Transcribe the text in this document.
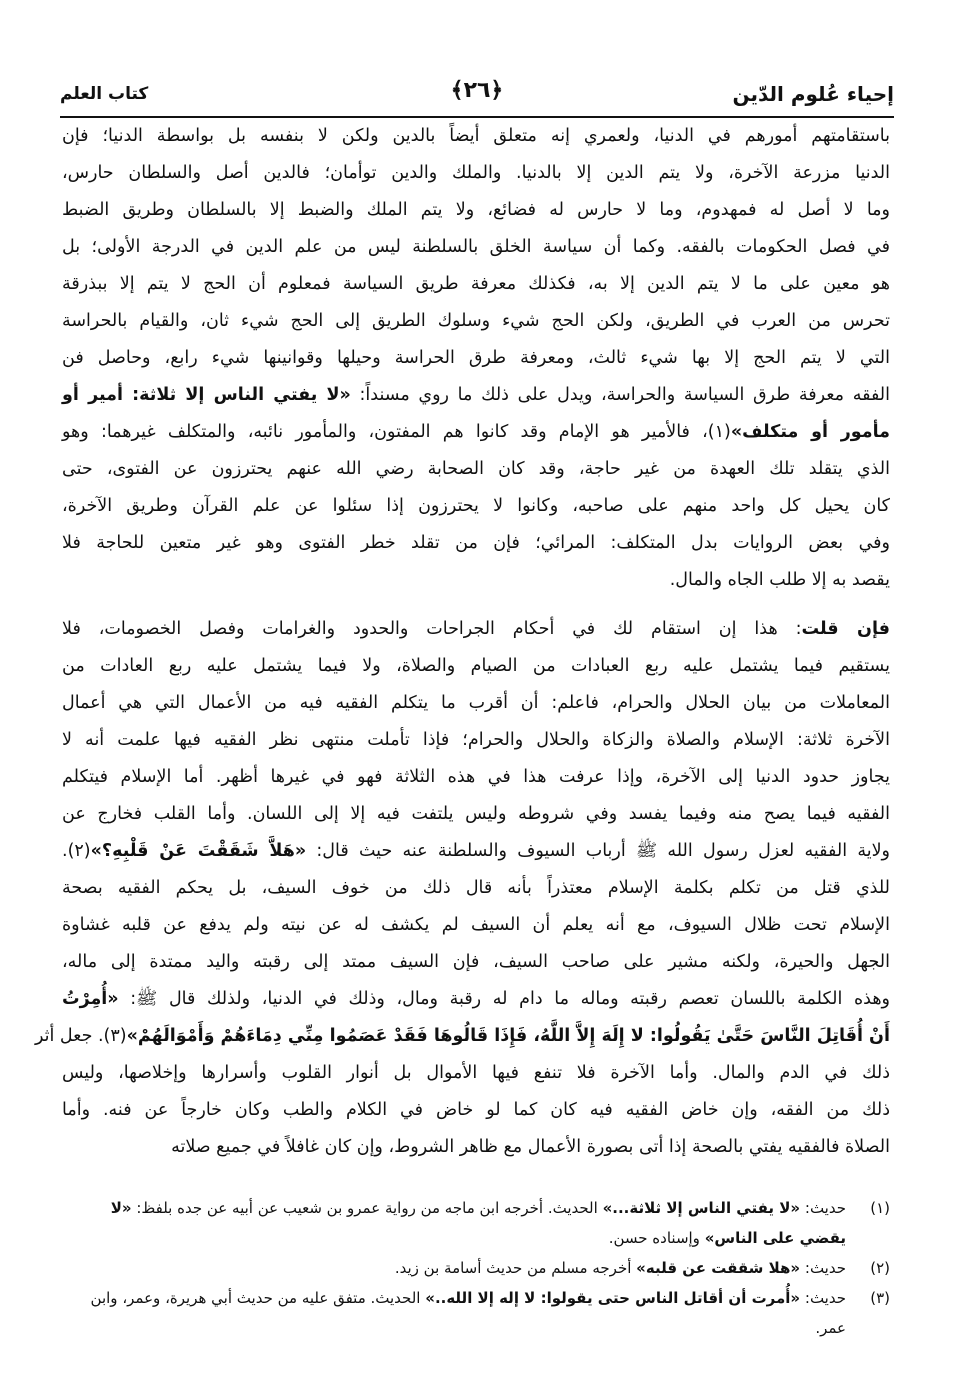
إحياء عُلوم الدّين
﴿٢٦﴾
كتاب العلم
باستقامتهم أمورهم في الدنيا، ولعمري إنه متعلق أيضاً بالدين ولكن لا بنفسه بل بواسطة الدنيا؛ فإن
الدنيا مزرعة الآخرة، ولا يتم الدين إلا بالدنيا. والملك والدين توأمان؛ فالدين أصل والسلطان حارس،
وما لا أصل له فمهدوم، وما لا حارس له فضائع، ولا يتم الملك والضبط إلا بالسلطان وطريق الضبط
في فصل الحكومات بالفقه. وكما أن سياسة الخلق بالسلطنة ليس من علم الدين في الدرجة الأولى؛ بل
هو معين على ما لا يتم الدين إلا به، فكذلك معرفة طريق السياسة فمعلوم أن الحج لا يتم إلا ببذرقة
تحرس من العرب في الطريق، ولكن الحج شيء وسلوك الطريق إلى الحج شيء ثان، والقيام بالحراسة
التي لا يتم الحج إلا بها شيء ثالث، ومعرفة طرق الحراسة وحيلها وقوانينها شيء رابع، وحاصل فن
الفقه معرفة طرق السياسة والحراسة، ويدل على ذلك ما روي مسنداً: «لا يفتي الناس إلا ثلاثة: أمير أو
مأمور أو متكلف»(١)، فالأمير هو الإمام وقد كانوا هم المفتون، والمأمور نائبه، والمتكلف غيرهما: وهو
الذي يتقلد تلك العهدة من غير حاجة، وقد كان الصحابة رضي الله عنهم يحترزون عن الفتوى، حتى
كان يحيل كل واحد منهم على صاحبه، وكانوا لا يحترزون إذا سئلوا عن علم القرآن وطريق الآخرة،
وفي بعض الروايات بدل المتكلف: المرائي؛ فإن من تقلد خطر الفتوى وهو غير متعين للحاجة فلا
يقصد به إلا طلب الجاه والمال.
فإن قلت: هذا إن استقام لك في أحكام الجراحات والحدود والغرامات وفصل الخصومات، فلا
يستقيم فيما يشتمل عليه ربع العبادات من الصيام والصلاة، ولا فيما يشتمل عليه ربع العادات من
المعاملات من بيان الحلال والحرام، فاعلم: أن أقرب ما يتكلم الفقيه فيه من الأعمال التي هي أعمال
الآخرة ثلاثة: الإسلام والصلاة والزكاة والحلال والحرام؛ فإذا تأملت منتهى نظر الفقيه فيها علمت أنه لا
يجاوز حدود الدنيا إلى الآخرة، وإذا عرفت هذا في هذه الثلاثة فهو في غيرها أظهر. أما الإسلام فيتكلم
الفقيه فيما يصح منه وفيما يفسد وفي شروطه وليس يلتفت فيه إلا إلى اللسان. وأما القلب فخارج عن
ولاية الفقيه لعزل رسول الله ﷺ أرباب السيوف والسلطنة عنه حيث قال: «هَلاَّ شَقَقْتَ عَنْ قَلْبِهِ؟»(٢).
للذي قتل من تكلم بكلمة الإسلام معتذراً بأنه قال ذلك من خوف السيف، بل يحكم الفقيه بصحة
الإسلام تحت ظلال السيوف، مع أنه يعلم أن السيف لم يكشف له عن نيته ولم يدفع عن قلبه غشاوة
الجهل والحيرة، ولكنه مشير على صاحب السيف، فإن السيف ممتد إلى رقبته واليد ممتدة إلى ماله،
وهذه الكلمة باللسان تعصم رقبته وماله ما دام له رقبة ومال، وذلك في الدنيا، ولذلك قال ﷺ: «أُمِرْتُ
أَنْ أُقَاتِلَ النَّاسَ حَتَّىٰ يَقُولُوا: لا إِلَهَ إِلاَّ اللَّهُ، فَإِذَا قَالُوهَا فَقَدْ عَصَمُوا مِنِّي دِمَاءَهُمْ وَأَمْوَالَهُمْ»(٣). جعل أثر
ذلك في الدم والمال. وأما الآخرة فلا تنفع فيها الأموال بل أنوار القلوب وأسرارها وإخلاصها، وليس
ذلك من الفقه، وإن خاض الفقيه فيه كان كما لو خاض في الكلام والطب وكان خارجاً عن فنه. وأما
الصلاة فالفقيه يفتي بالصحة إذا أتى بصورة الأعمال مع ظاهر الشروط، وإن كان غافلاً في جميع صلاته
(١)
حديث: «لا يفتي الناس إلا ثلاثة...» الحديث. أخرجه ابن ماجه من رواية عمرو بن شعيب عن أبيه عن جده بلفظ: «لا يقضي على الناس» وإسناده حسن.
(٢)
حديث: «هلا شققت عن قلبه» أخرجه مسلم من حديث أسامة بن زيد.
(٣)
حديث: «أُمرت أن أقاتل الناس حتى يقولوا: لا إله إلا الله..» الحديث. متفق عليه من حديث أبي هريرة، وعمر، وابن عمر.
